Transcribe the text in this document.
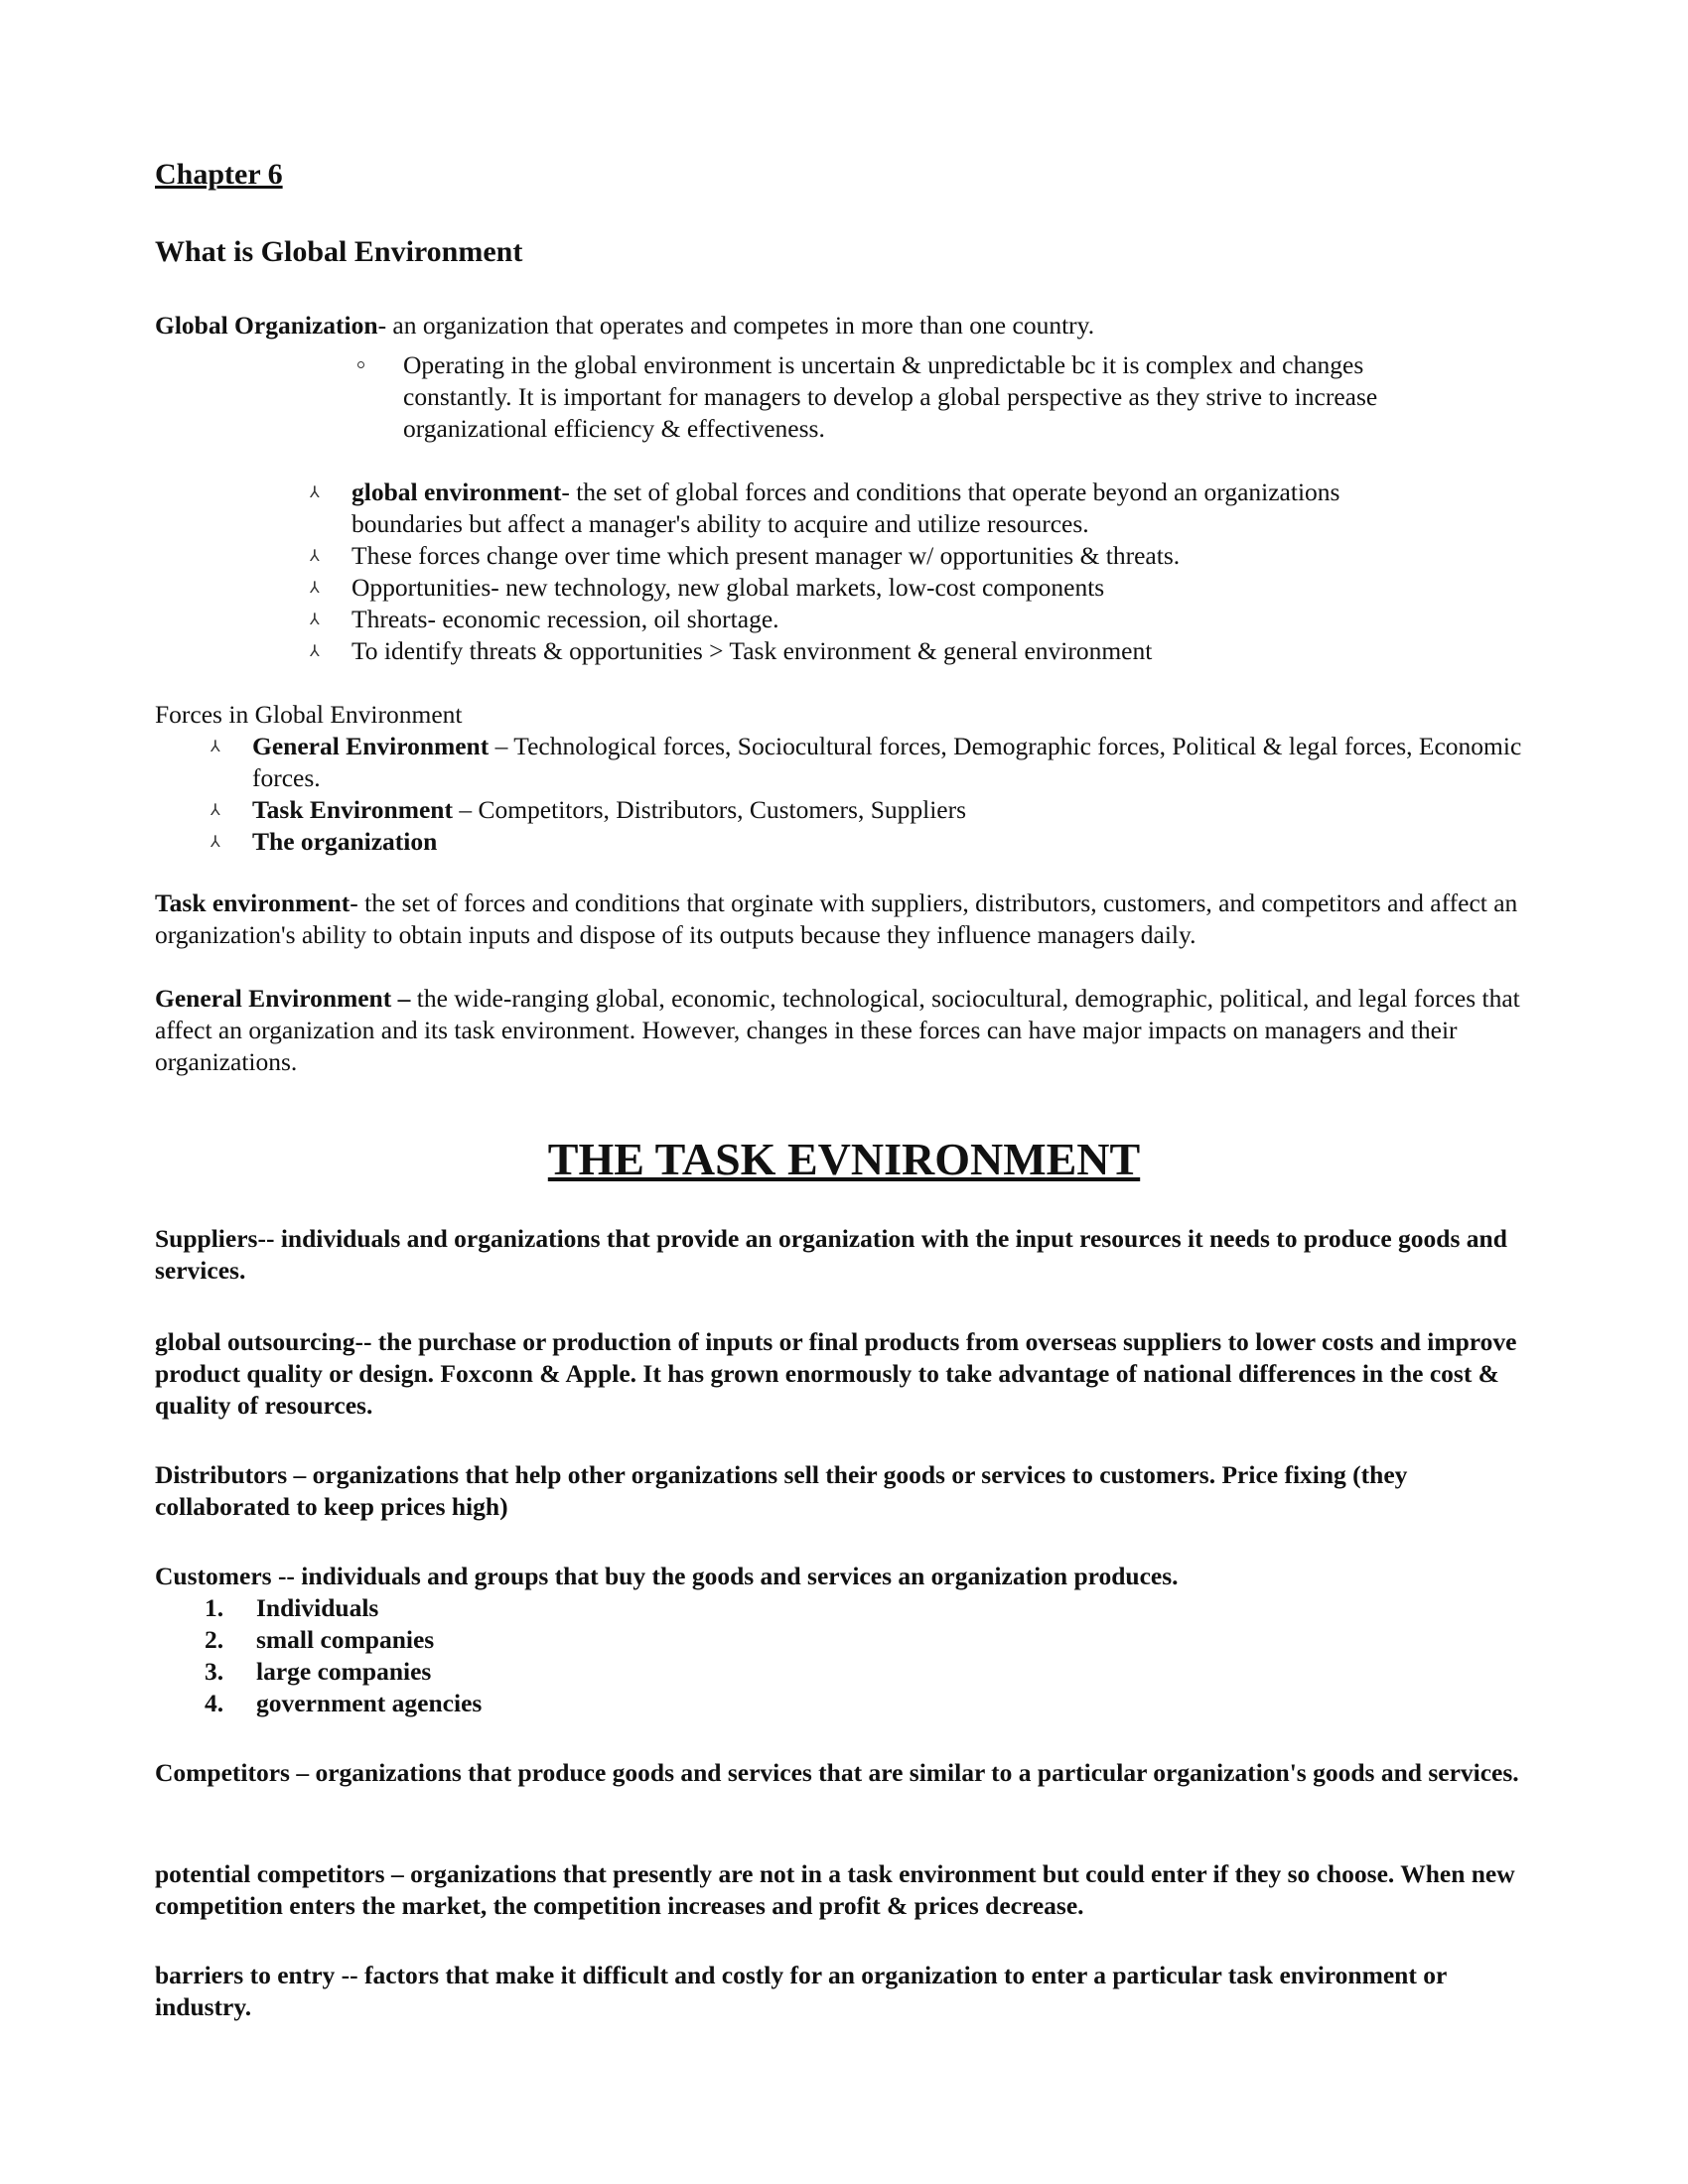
Chapter 6
What is Global Environment
Global Organization- an organization that operates and competes in more than one country.
Operating in the global environment is uncertain & unpredictable bc it is complex and changes constantly. It is important for managers to develop a global perspective as they strive to increase organizational efficiency & effectiveness.
⅄	global environment- the set of global forces and conditions that operate beyond an organizations boundaries but affect a manager's ability to acquire and utilize resources.
⅄	These forces change over time which present manager w/ opportunities & threats.
⅄	Opportunities- new technology, new global markets, low-cost components
⅄	Threats- economic recession, oil shortage.
⅄	To identify threats & opportunities > Task environment & general environment
Forces in Global Environment
⅄	General Environment – Technological forces, Sociocultural forces, Demographic forces, Political & legal forces, Economic forces.
⅄	Task Environment – Competitors, Distributors, Customers, Suppliers
⅄	The organization
Task environment- the set of forces and conditions that orginate with suppliers, distributors, customers, and competitors and affect an organization's ability to obtain inputs and dispose of its outputs because they influence managers daily.
General Environment – the wide-ranging global, economic, technological, sociocultural, demographic, political, and legal forces that affect an organization and its task environment. However, changes in these forces can have major impacts on managers and their organizations.
THE TASK EVNIRONMENT
Suppliers-- individuals and organizations that provide an organization with the input resources it needs to produce goods and services.
global outsourcing-- the purchase or production of inputs or final products from overseas suppliers to lower costs and improve product quality or design. Foxconn & Apple. It has grown enormously to take advantage of national differences in the cost & quality of resources.
Distributors – organizations that help other organizations sell their goods or services to customers. Price fixing (they collaborated to keep prices high)
Customers -- individuals and groups that buy the goods and services an organization produces.
1.	Individuals
2.	small companies
3.	large companies
4.	government agencies
Competitors – organizations that produce goods and services that are similar to a particular organization's goods and services.
potential competitors – organizations that presently are not in a task environment but could enter if they so choose. When new competition enters the market, the competition increases and profit & prices decrease.
barriers to entry -- factors that make it difficult and costly for an organization to enter a particular task environment or industry.
